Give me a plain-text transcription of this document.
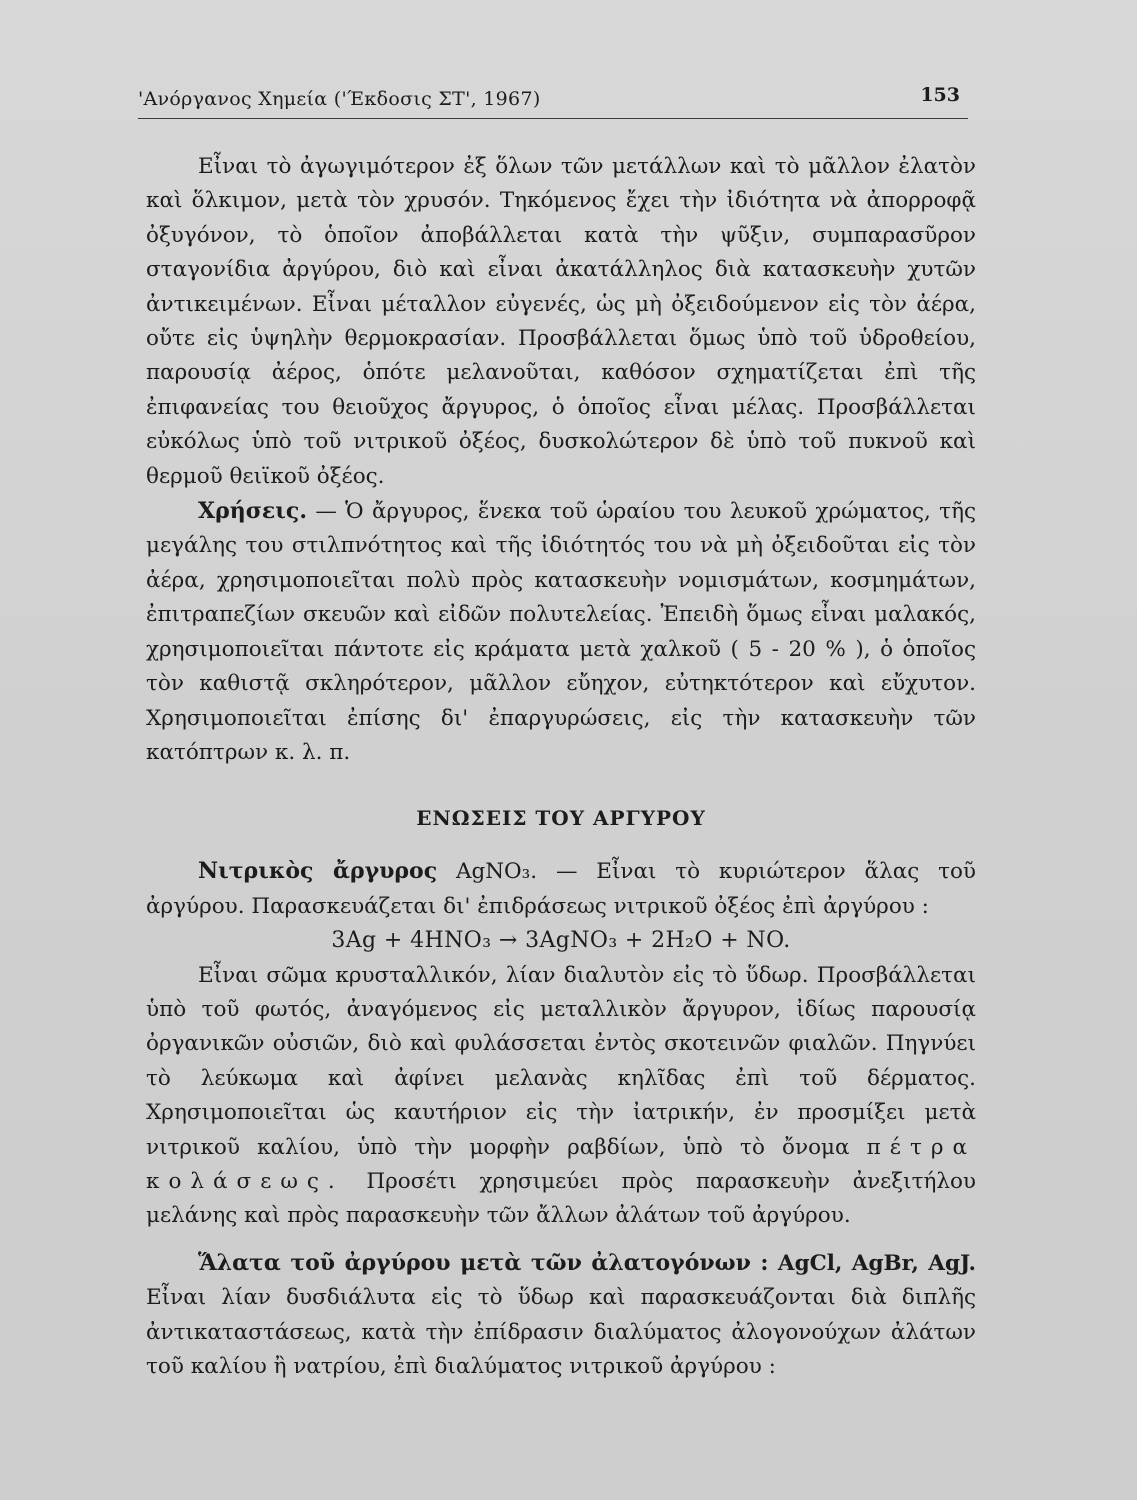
'Ανόργανος Χημεία ('Έκδοσις ΣΤ', 1967)	153

Εἶναι τὸ ἀγωγιμότερον ἐξ ὅλων τῶν μετάλλων καὶ τὸ μᾶλλον ἐλατὸν καὶ ὅλκιμον, μετὰ τὸν χρυσόν. Τηκόμενος ἔχει τὴν ἰδιότητα νὰ ἀπορροφᾷ ὀξυγόνον, τὸ ὁποῖον ἀποβάλλεται κατὰ τὴν ψῦξιν, συμπαρασῦρον σταγονίδια ἀργύρου, διὸ καὶ εἶναι ἀκατάλληλος διὰ κατασκευὴν χυτῶν ἀντικειμένων. Εἶναι μέταλλον εὐγενές, ὡς μὴ ὀξειδούμενον εἰς τὸν ἀέρα, οὔτε εἰς ὑψηλὴν θερμοκρασίαν. Προσβάλλεται ὅμως ὑπὸ τοῦ ὑδροθείου, παρουσίᾳ ἀέρος, ὁπότε μελανοῦται, καθόσον σχηματίζεται ἐπὶ τῆς ἐπιφανείας του θειοῦχος ἄργυρος, ὁ ὁποῖος εἶναι μέλας. Προσβάλλεται εὐκόλως ὑπὸ τοῦ νιτρικοῦ ὀξέος, δυσκολώτερον δὲ ὑπὸ τοῦ πυκνοῦ καὶ θερμοῦ θειϊκοῦ ὀξέος.

Χρήσεις. — Ὁ ἄργυρος, ἕνεκα τοῦ ὡραίου του λευκοῦ χρώματος, τῆς μεγάλης του στιλπνότητος καὶ τῆς ἰδιότητός του νὰ μὴ ὀξειδοῦται εἰς τὸν ἀέρα, χρησιμοποιεῖται πολὺ πρὸς κατασκευὴν νομισμάτων, κοσμημάτων, ἐπιτραπεζίων σκευῶν καὶ εἰδῶν πολυτελείας. Ἐπειδὴ ὅμως εἶναι μαλακός, χρησιμοποιεῖται πάντοτε εἰς κράματα μετὰ χαλκοῦ ( 5 - 20 % ), ὁ ὁποῖος τὸν καθιστᾷ σκληρότερον, μᾶλλον εὔηχον, εὐτηκτότερον καὶ εὔχυτον. Χρησιμοποιεῖται ἐπίσης δι' ἐπαργυρώσεις, εἰς τὴν κατασκευὴν τῶν κατόπτρων κ. λ. π.

ΕΝΩΣΕΙΣ ΤΟΥ ΑΡΓΥΡΟΥ

Νιτρικὸς ἄργυρος AgNO₃. — Εἶναι τὸ κυριώτερον ἅλας τοῦ ἀργύρου. Παρασκευάζεται δι' ἐπιδράσεως νιτρικοῦ ὀξέος ἐπὶ ἀργύρου :

3Ag + 4HNO₃ → 3AgNO₃ + 2H₂O + NO.

Εἶναι σῶμα κρυσταλλικόν, λίαν διαλυτὸν εἰς τὸ ὕδωρ. Προσβάλλεται ὑπὸ τοῦ φωτός, ἀναγόμενος εἰς μεταλλικὸν ἄργυρον, ἰδίως παρουσίᾳ ὀργανικῶν οὐσιῶν, διὸ καὶ φυλάσσεται ἐντὸς σκοτεινῶν φιαλῶν. Πηγνύει τὸ λεύκωμα καὶ ἀφίνει μελανὰς κηλῖδας ἐπὶ τοῦ δέρματος. Χρησιμοποιεῖται ὡς καυτήριον εἰς τὴν ἰατρικήν, ἐν προσμίξει μετὰ νιτρικοῦ καλίου, ὑπὸ τὴν μορφὴν ραβδίων, ὑπὸ τὸ ὄνομα πέτρα κολάσεως. Προσέτι χρησιμεύει πρὸς παρασκευὴν ἀνεξιτήλου μελάνης καὶ πρὸς παρασκευὴν τῶν ἄλλων ἀλάτων τοῦ ἀργύρου.

Ἅλατα τοῦ ἀργύρου μετὰ τῶν ἀλατογόνων : AgCl, AgBr, AgJ. Εἶναι λίαν δυσδιάλυτα εἰς τὸ ὕδωρ καὶ παρασκευάζονται διὰ διπλῆς ἀντικαταστάσεως, κατὰ τὴν ἐπίδρασιν διαλύματος ἀλογονούχων ἀλάτων τοῦ καλίου ἢ νατρίου, ἐπὶ διαλύματος νιτρικοῦ ἀργύρου :
